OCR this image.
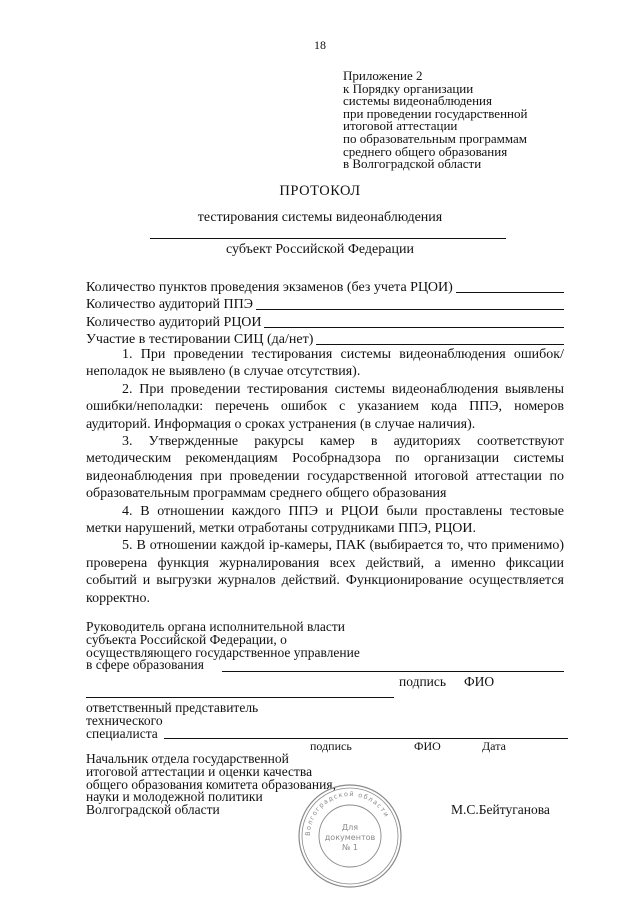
18
Приложение 2
к Порядку организации
системы видеонаблюдения
при проведении государственной
итоговой аттестации
по образовательным программам
среднего общего образования
в Волгоградской области
ПРОТОКОЛ
тестирования системы видеонаблюдения
субъект Российской Федерации
Количество пунктов проведения экзаменов (без учета РЦОИ)
Количество аудиторий ППЭ
Количество аудиторий РЦОИ
Участие в тестировании СИЦ (да/нет)

1. При проведении тестирования системы видеонаблюдения ошибок/неполадок не выявлено (в случае отсутствия).

2. При проведении тестирования системы видеонаблюдения выявлены ошибки/неполадки: перечень ошибок с указанием кода ППЭ, номеров аудиторий. Информация о сроках устранения (в случае наличия).

3. Утвержденные ракурсы камер в аудиториях соответствуют методическим рекомендациям Рособрнадзора по организации системы видеонаблюдения при проведении государственной итоговой аттестации по образовательным программам среднего общего образования

4. В отношении каждого ППЭ и РЦОИ были проставлены тестовые метки нарушений, метки отработаны сотрудниками ППЭ, РЦОИ.

5. В отношении каждой ip-камеры, ПАК (выбирается то, что применимо) проверена функция журналирования всех действий, а именно фиксации событий и выгрузки журналов действий. Функционирование осуществляется корректно.

Руководитель органа исполнительной власти
субъекта Российской Федерации, о
осуществляющего государственное управление
в сфере образования
подпись ФИО
ответственный представитель
технического
специалиста
подпись	ФИО	Дата
Начальник отдела государственной
итоговой аттестации и оценки качества
общего образования комитета образования,
науки и молодежной политики
Волгоградской области	М.С.Бейтуганова
Волгоградской области
Для
документов
№ 1
